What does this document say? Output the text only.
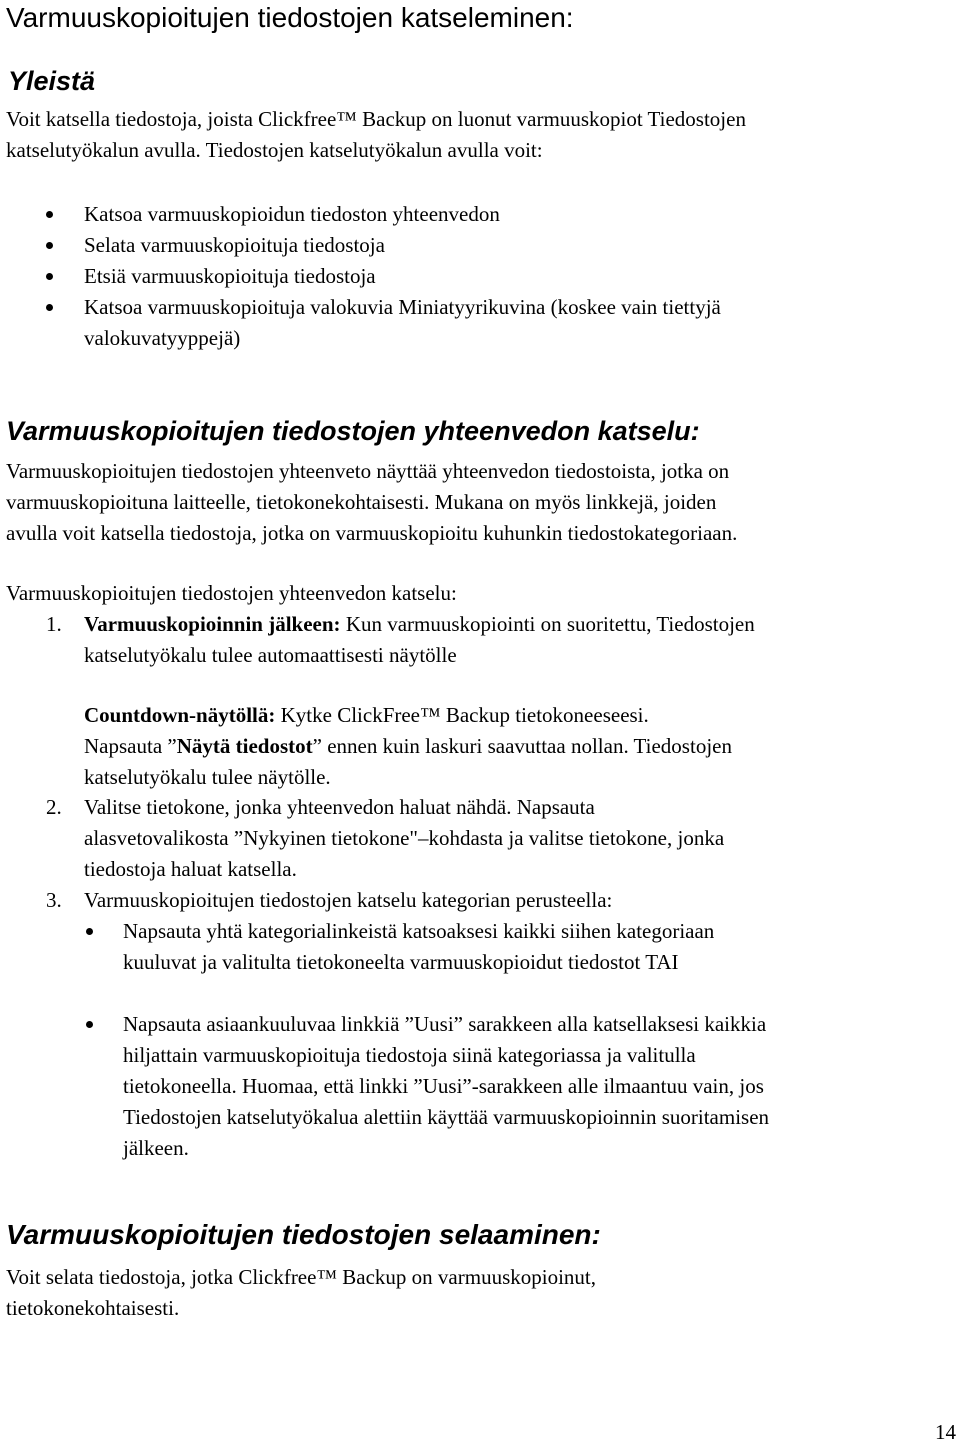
Varmuuskopioitujen tiedostojen katseleminen:
Yleistä

Voit katsella tiedostoja, joista Clickfree™ Backup on luonut varmuuskopiot Tiedostojen

katselutyökalun avulla. Tiedostojen katselutyökalun avulla voit:

Katsoa varmuuskopioidun tiedoston yhteenvedon
Selata varmuuskopioituja tiedostoja
Etsiä varmuuskopioituja tiedostoja
Katsoa varmuuskopioituja valokuvia Miniatyyrikuvina (koskee vain tiettyjä
valokuvatyyppejä)
Varmuuskopioitujen tiedostojen yhteenvedon katselu:

Varmuuskopioitujen tiedostojen yhteenveto näyttää yhteenvedon tiedostoista, jotka on

varmuuskopioituna laitteelle, tietokonekohtaisesti. Mukana on myös linkkejä, joiden

avulla voit katsella tiedostoja, jotka on varmuuskopioitu kuhunkin tiedostokategoriaan.

Varmuuskopioitujen tiedostojen yhteenvedon katselu:

1. Varmuuskopioinnin jälkeen: Kun varmuuskopiointi on suoritettu, Tiedostojen
katselutyökalu tulee automaattisesti näytölle
Countdown-näytöllä: Kytke ClickFree™ Backup tietokoneeseesi.
Napsauta ”Näytä tiedostot” ennen kuin laskuri saavuttaa nollan. Tiedostojen
katselutyökalu tulee näytölle.
2. Valitse tietokone, jonka yhteenvedon haluat nähdä. Napsauta
alasvetovalikosta ”Nykyinen tietokone"–kohdasta ja valitse tietokone, jonka
tiedostoja haluat katsella.
3. Varmuuskopioitujen tiedostojen katselu kategorian perusteella:
Napsauta yhtä kategorialinkeistä katsoaksesi kaikki siihen kategoriaan
kuuluvat ja valitulta tietokoneelta varmuuskopioidut tiedostot TAI
Napsauta asiaankuuluvaa linkkiä ”Uusi” sarakkeen alla katsellaksesi kaikkia
hiljattain varmuuskopioituja tiedostoja siinä kategoriassa ja valitulla
tietokoneella. Huomaa, että linkki ”Uusi”-sarakkeen alle ilmaantuu vain, jos
Tiedostojen katselutyökalua alettiin käyttää varmuuskopioinnin suoritamisen
jälkeen.
Varmuuskopioitujen tiedostojen selaaminen:

Voit selata tiedostoja, jotka Clickfree™ Backup on varmuuskopioinut,

tietokonekohtaisesti.

14
